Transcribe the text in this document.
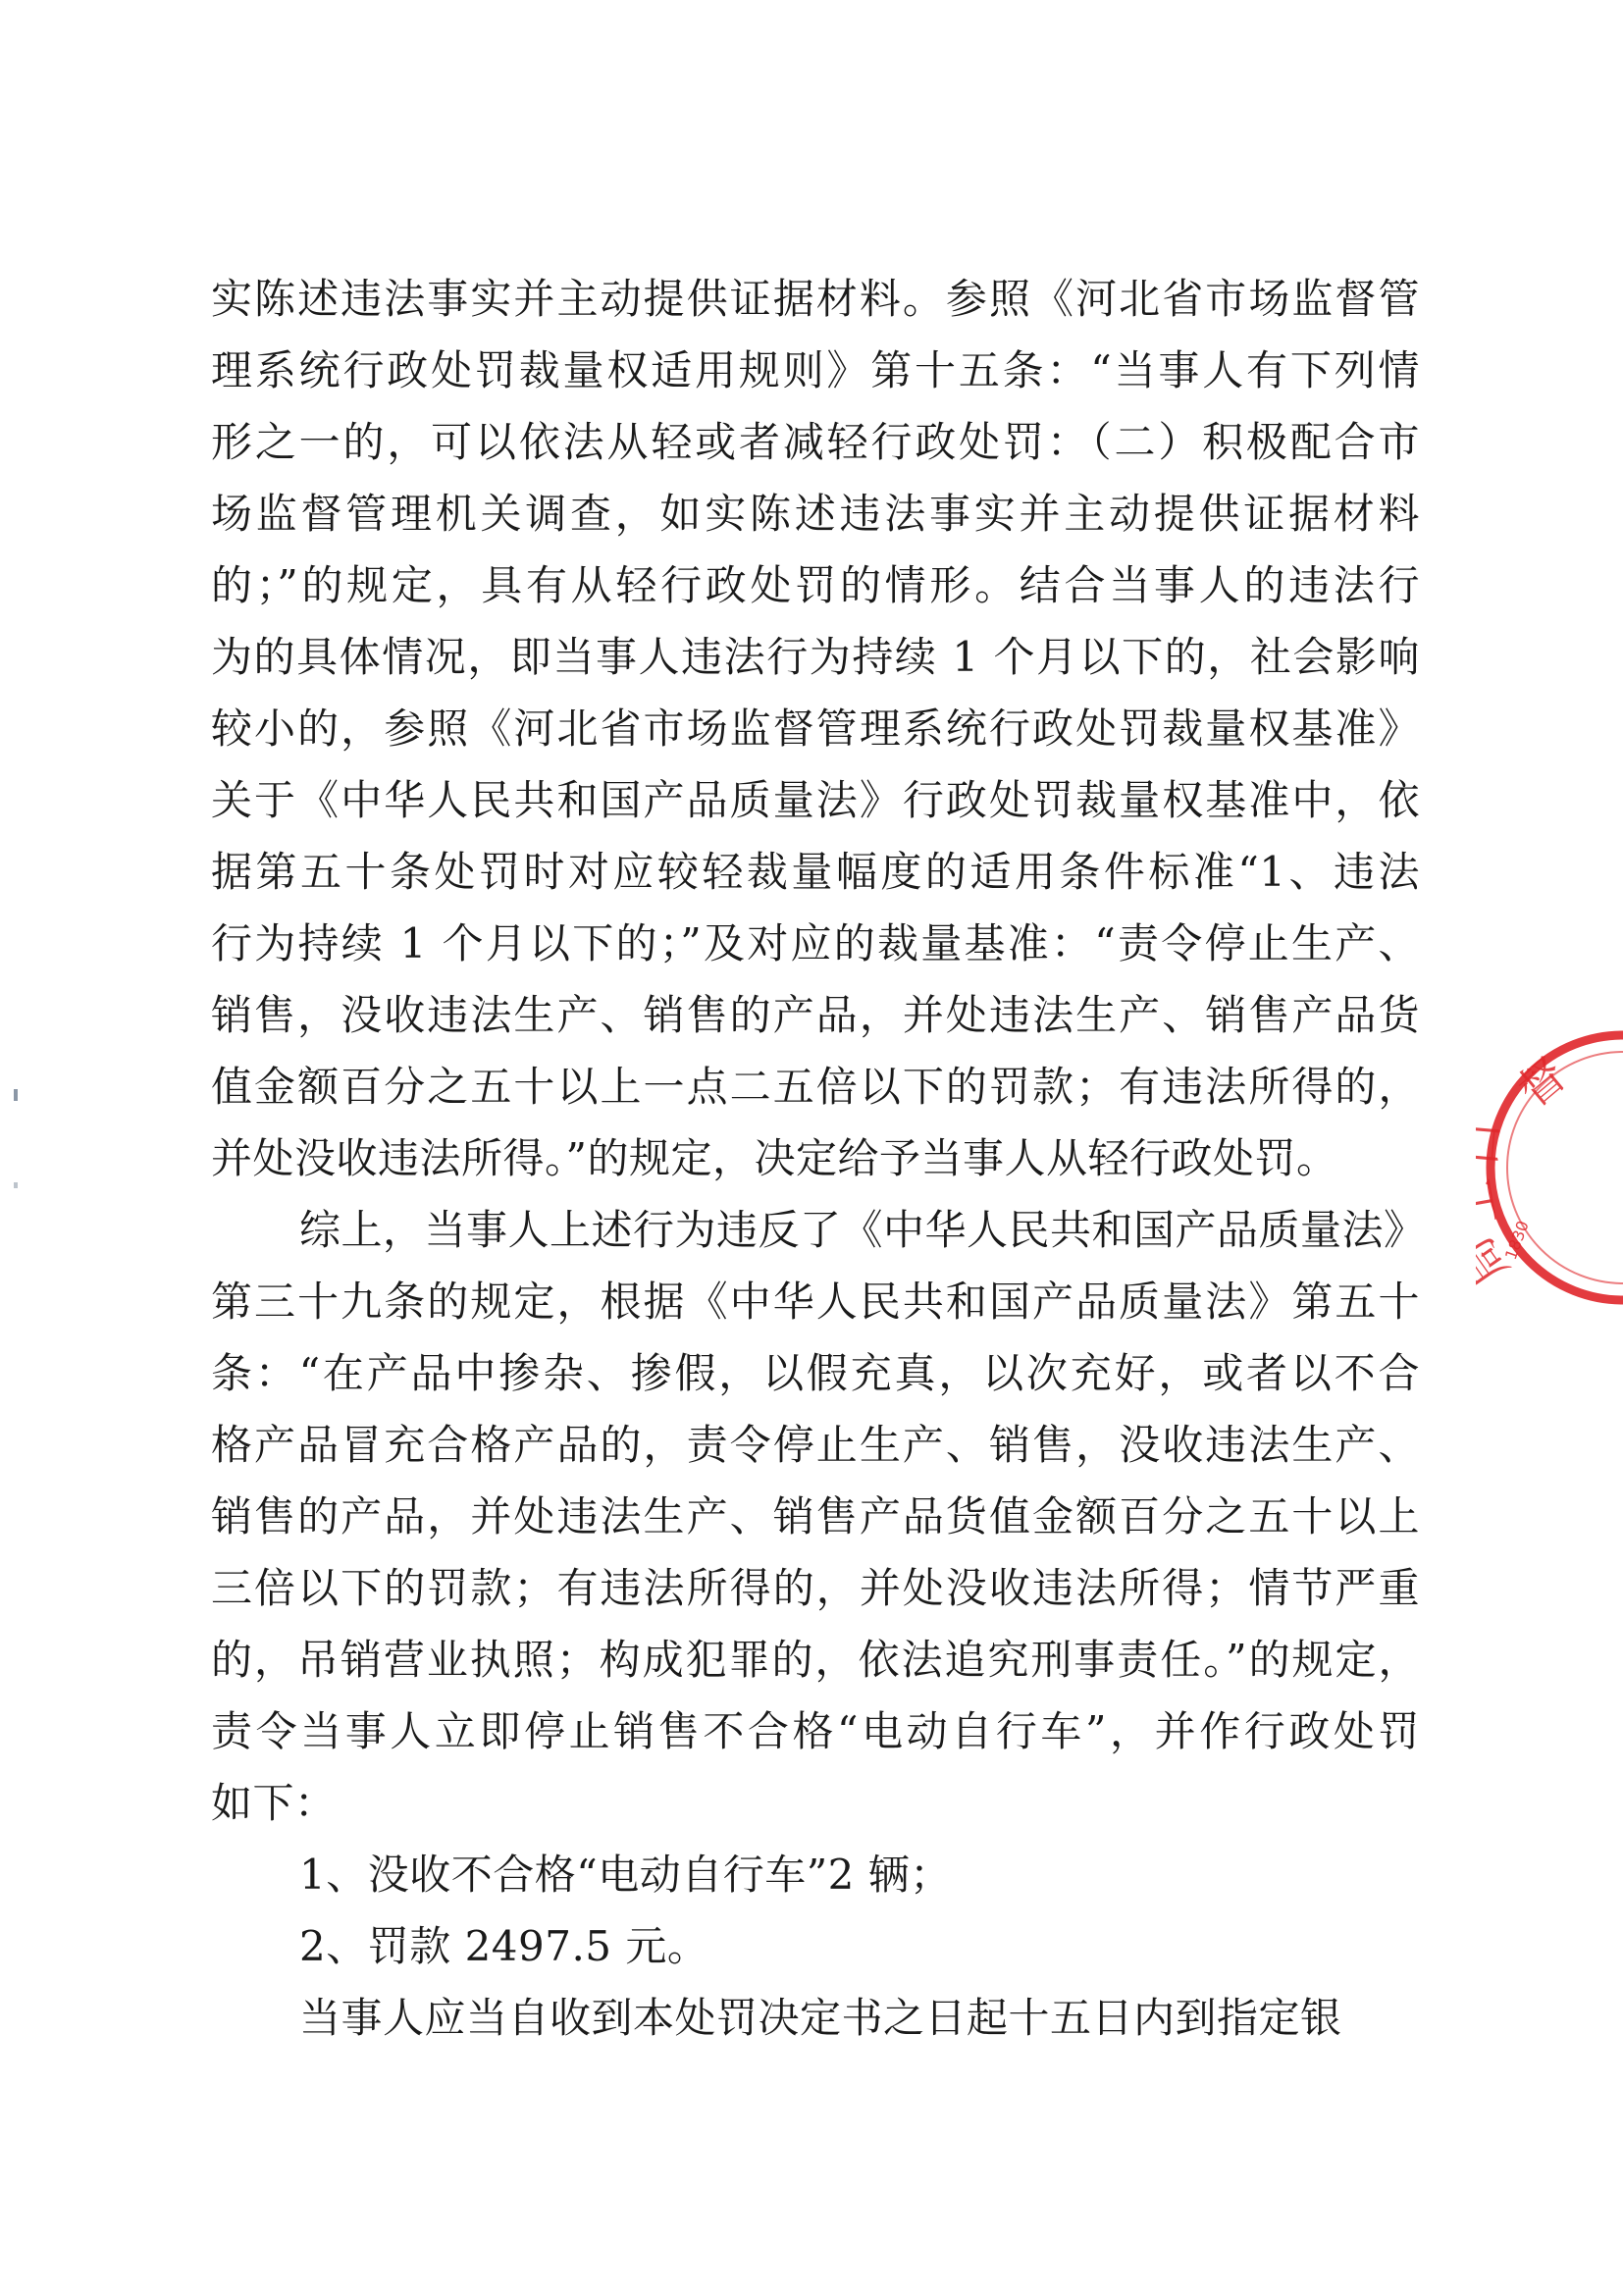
实陈述违法事实并主动提供证据材料。参照《河北省市场监督管
理系统行政处罚裁量权适用规则》第十五条：“当事人有下列情
形之一的，可以依法从轻或者减轻行政处罚：（二）积极配合市
场监督管理机关调查，如实陈述违法事实并主动提供证据材料
的；”的规定，具有从轻行政处罚的情形。结合当事人的违法行
为的具体情况，即当事人违法行为持续 1 个月以下的，社会影响
较小的，参照《河北省市场监督管理系统行政处罚裁量权基准》
关于《中华人民共和国产品质量法》行政处罚裁量权基准中，依
据第五十条处罚时对应较轻裁量幅度的适用条件标准“1、违法
行为持续 1 个月以下的；”及对应的裁量基准：“责令停止生产、
销售，没收违法生产、销售的产品，并处违法生产、销售产品货
值金额百分之五十以上一点二五倍以下的罚款；有违法所得的，
并处没收违法所得。”的规定，决定给予当事人从轻行政处罚。
综上，当事人上述行为违反了《中华人民共和国产品质量法》
第三十九条的规定，根据《中华人民共和国产品质量法》第五十
条：“在产品中掺杂、掺假，以假充真，以次充好，或者以不合
格产品冒充合格产品的，责令停止生产、销售，没收违法生产、
销售的产品，并处违法生产、销售产品货值金额百分之五十以上
三倍以下的罚款；有违法所得的，并处没收违法所得；情节严重
的，吊销营业执照；构成犯罪的，依法追究刑事责任。”的规定，
责令当事人立即停止销售不合格“电动自行车”，并作行政处罚
如下：
1、没收不合格“电动自行车”2 辆；
2、罚款 2497.5 元。
当事人应当自收到本处罚决定书之日起十五日内到指定银
督
口
上
局
1830
